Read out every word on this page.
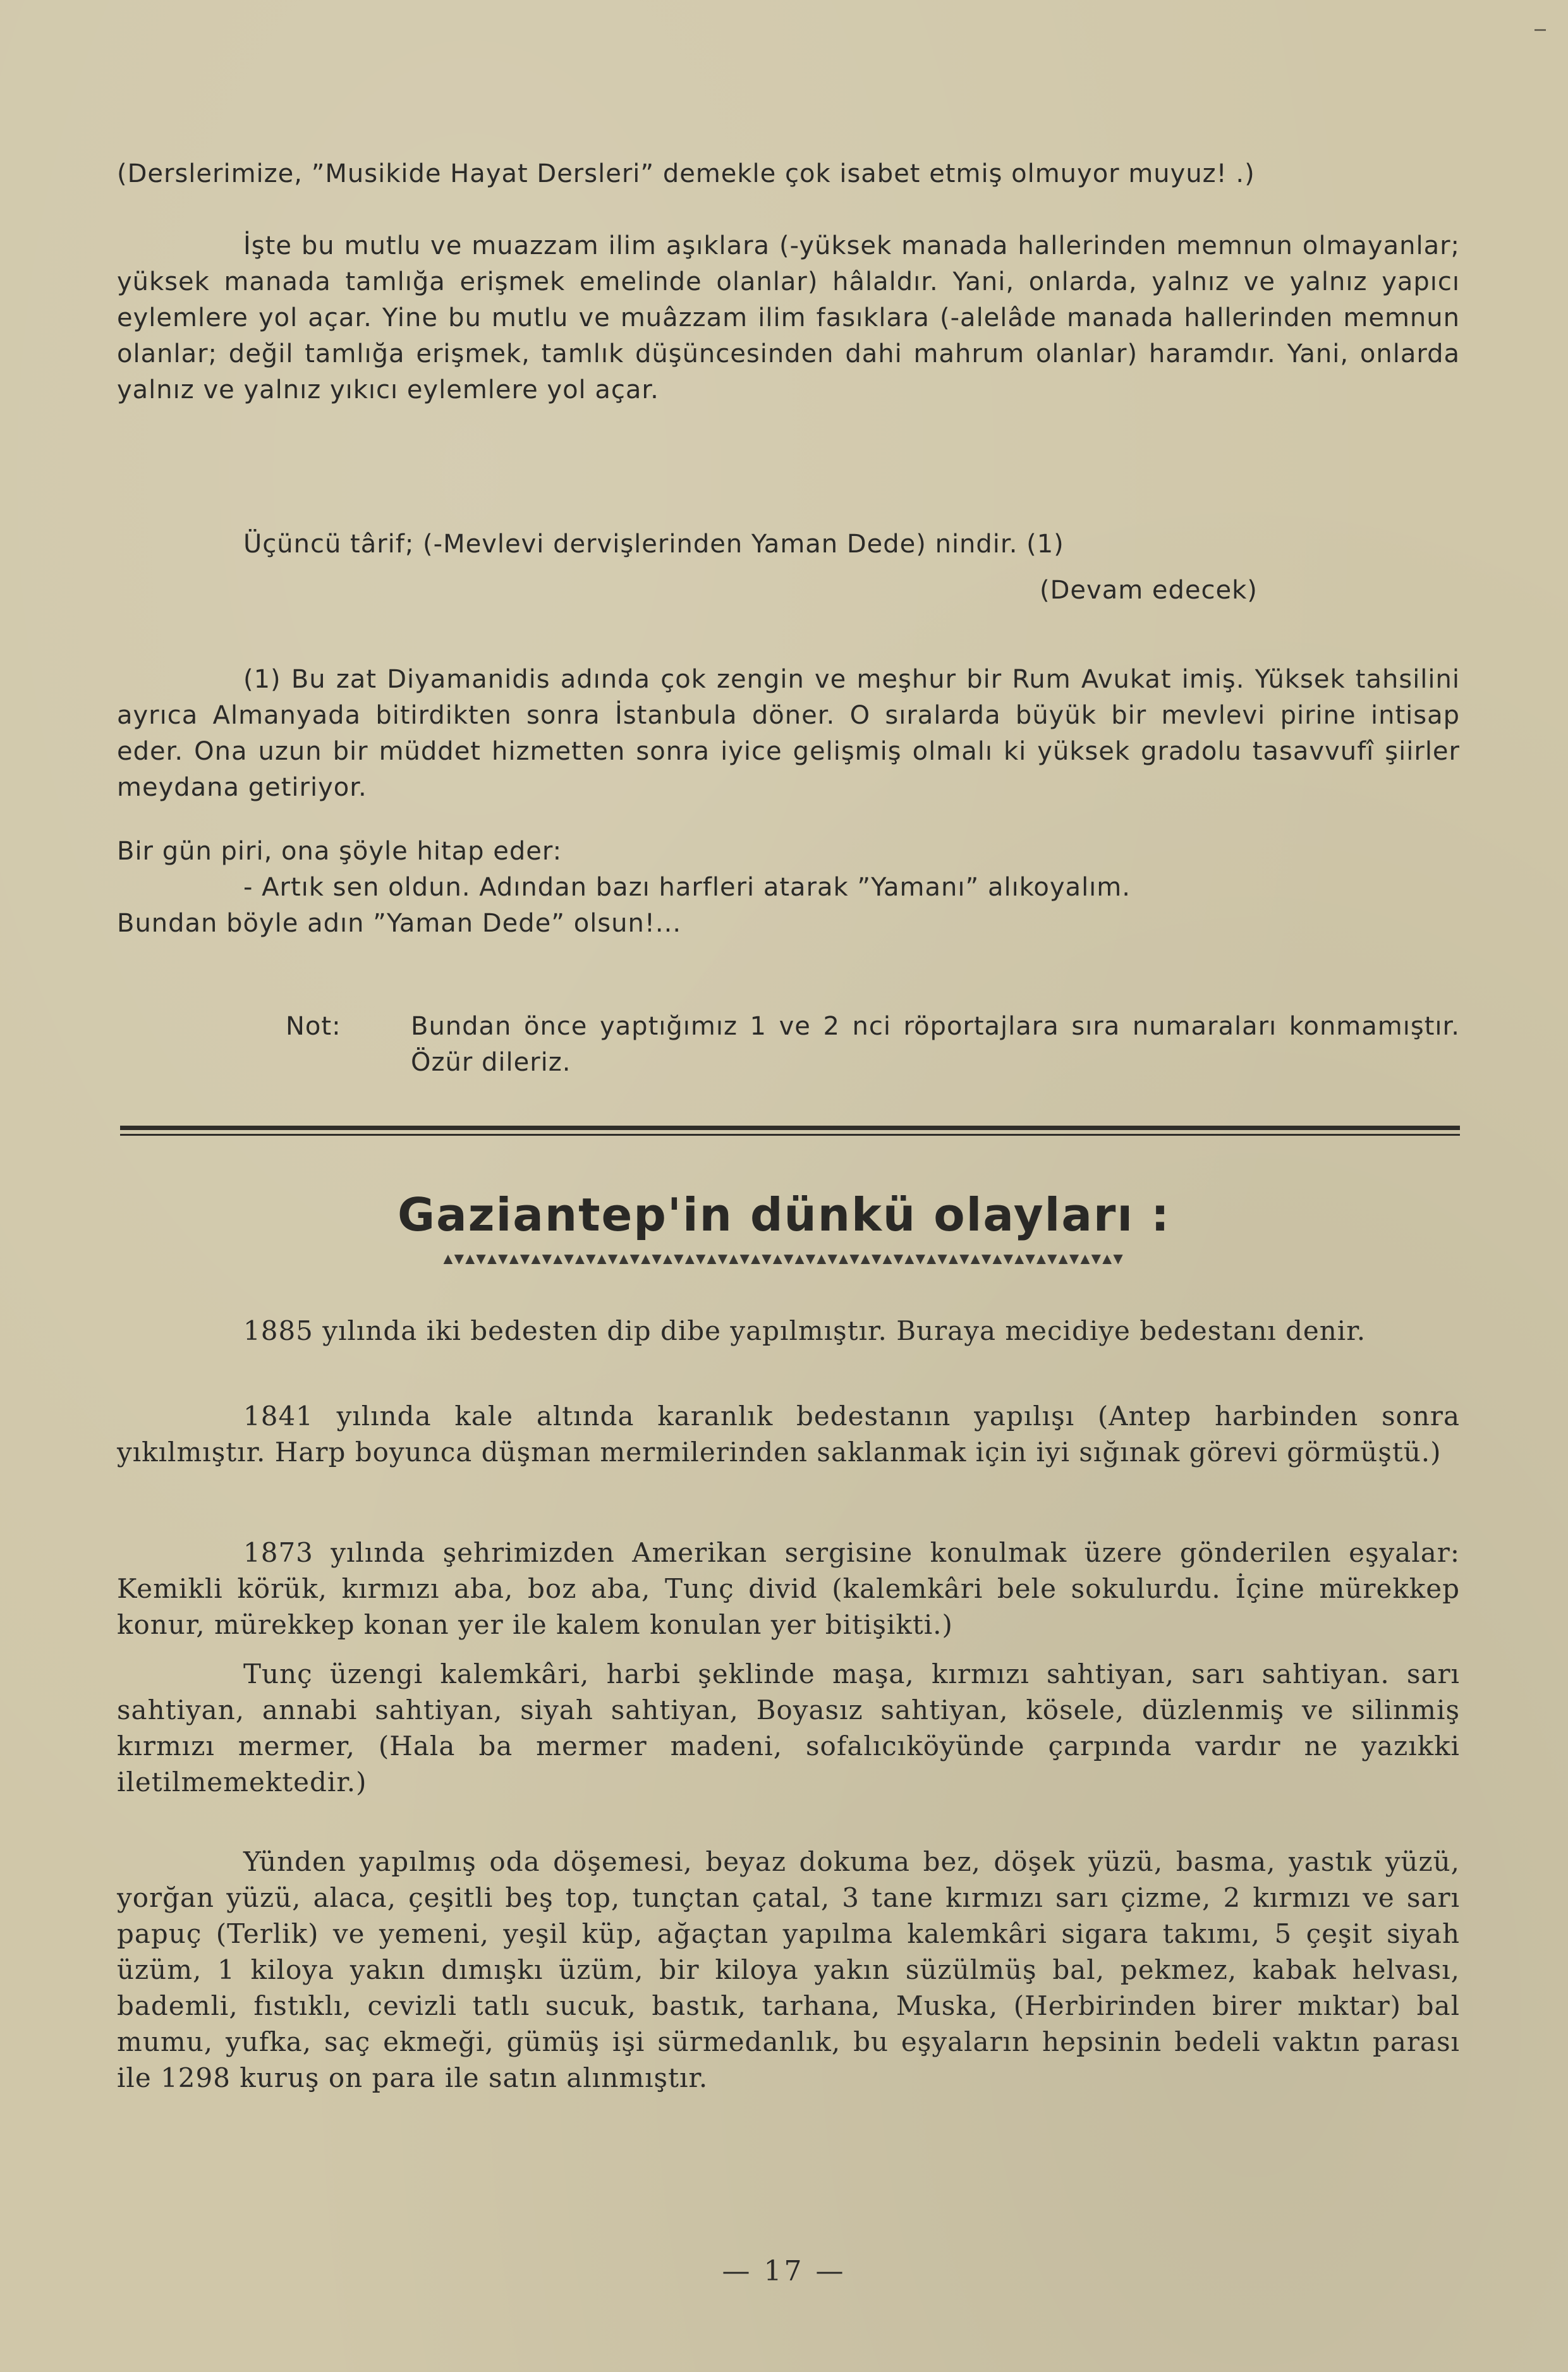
(Derslerimize, ”Musikide Hayat Dersleri” demekle çok isabet etmiş olmuyor muyuz! .)

İşte bu mutlu ve muazzam ilim aşıklara (-yüksek manada hallerinden memnun olmayanlar; yüksek manada tamlığa erişmek emelinde olanlar) hâlaldır. Yani, onlarda, yalnız ve yalnız yapıcı eylemlere yol açar. Yine bu mutlu ve muâzzam ilim fasıklara (-alelâde manada hallerinden memnun olanlar; değil tamlığa erişmek, tamlık düşüncesinden dahi mahrum olanlar) haramdır. Yani, onlarda yalnız ve yalnız yıkıcı eylemlere yol açar.

Üçüncü târif; (-Mevlevi dervişlerinden Yaman Dede) nindir. (1)

(Devam edecek)

(1) Bu zat Diyamanidis adında çok zengin ve meşhur bir Rum Avukat imiş. Yüksek tahsilini ayrıca Almanyada bitirdikten sonra İstanbula döner. O sıralarda büyük bir mevlevi pirine intisap eder. Ona uzun bir müddet hizmetten sonra iyice gelişmiş olmalı ki yüksek gradolu tasavvufî şiirler meydana getiriyor.

Bir gün piri, ona şöyle hitap eder:
- Artık sen oldun. Adından bazı harfleri atarak ”Yamanı” alıkoyalım.
Bundan böyle adın ”Yaman Dede” olsun!...
Not:	Bundan önce yaptığımız 1 ve 2 nci röportajlara sıra numaraları konmamıştır. Özür dileriz.
Gaziantep'in dünkü olayları :
▲▼▲▼▲▼▲▼▲▼▲▼▲▼▲▼▲▼▲▼▲▼▲▼▲▼▲▼▲▼▲▼▲▼▲▼▲▼▲▼▲▼▲▼▲▼▲▼▲▼▲▼▲▼▲▼▲▼▲▼▲▼

1885 yılında iki bedesten dip dibe yapılmıştır. Buraya mecidiye bedestanı denir.

1841 yılında kale altında karanlık bedestanın yapılışı (Antep harbinden sonra yıkılmıştır. Harp boyunca düşman mermilerinden saklanmak için iyi sığınak görevi görmüştü.)

1873 yılında şehrimizden Amerikan sergisine konulmak üzere gönderilen eşyalar: Kemikli körük, kırmızı aba, boz aba, Tunç divid (kalemkâri bele sokulurdu. İçine mürekkep konur, mürekkep konan yer ile kalem konulan yer bitişikti.)

Tunç üzengi kalemkâri, harbi şeklinde maşa, kırmızı sahtiyan, sarı sahtiyan. sarı sahtiyan, annabi sahtiyan, siyah sahtiyan, Boyasız sahtiyan, kösele, düzlenmiş ve silinmiş kırmızı mermer, (Hala ba mermer madeni, sofalıcıköyünde çarpında vardır ne yazıkki iletilmemektedir.)

Yünden yapılmış oda döşemesi, beyaz dokuma bez, döşek yüzü, basma, yastık yüzü, yorğan yüzü, alaca, çeşitli beş top, tunçtan çatal, 3 tane kırmızı sarı çizme, 2 kırmızı ve sarı papuç (Terlik) ve yemeni, yeşil küp, ağaçtan yapılma kalemkâri sigara takımı, 5 çeşit siyah üzüm, 1 kiloya yakın dımışkı üzüm, bir kiloya yakın süzülmüş bal, pekmez, kabak helvası, bademli, fıstıklı, cevizli tatlı sucuk, bastık, tarhana, Muska, (Herbirinden birer mıktar) bal mumu, yufka, saç ekmeği, gümüş işi sürmedanlık, bu eşyaların hepsinin bedeli vaktın parası ile 1298 kuruş on para ile satın alınmıştır.

— 17 —
